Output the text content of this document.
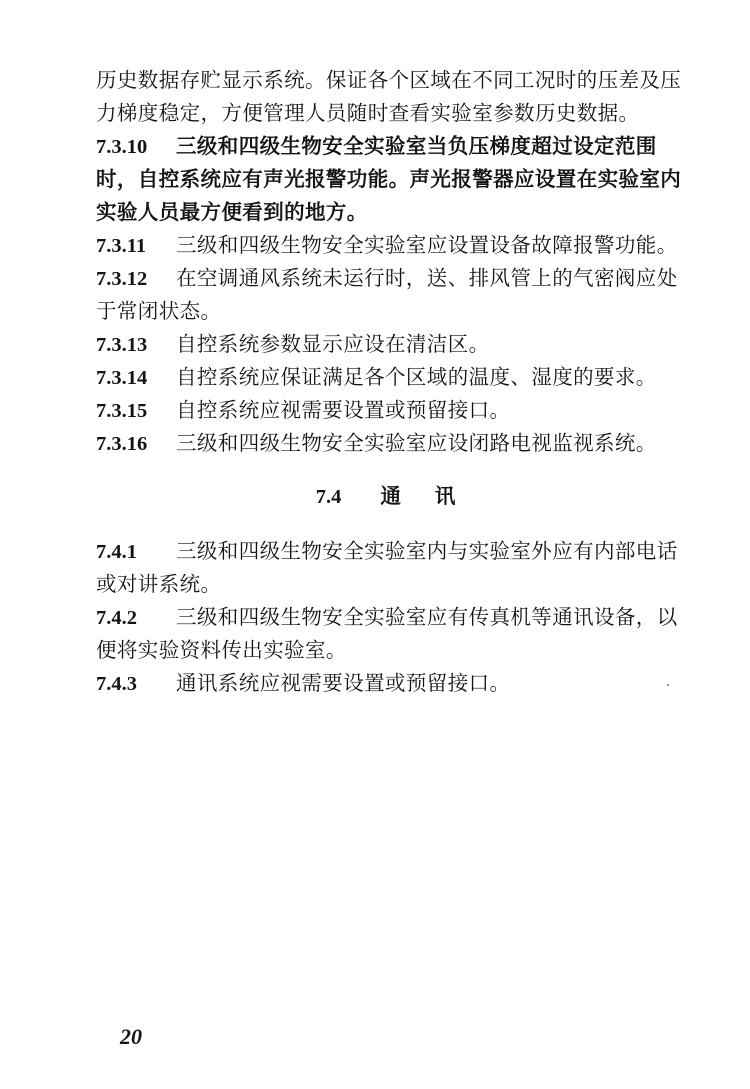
历史数据存贮显示系统。保证各个区域在不同工况时的压差及压
力梯度稳定，方便管理人员随时查看实验室参数历史数据。
7.3.10 三级和四级生物安全实验室当负压梯度超过设定范围
时，自控系统应有声光报警功能。声光报警器应设置在实验室内
实验人员最方便看到的地方。
7.3.11 三级和四级生物安全实验室应设置设备故障报警功能。
7.3.12 在空调通风系统未运行时，送、排风管上的气密阀应处
于常闭状态。
7.3.13 自控系统参数显示应设在清洁区。
7.3.14 自控系统应保证满足各个区域的温度、湿度的要求。
7.3.15 自控系统应视需要设置或预留接口。
7.3.16 三级和四级生物安全实验室应设闭路电视监视系统。
7.4 通 讯
7.4.1 三级和四级生物安全实验室内与实验室外应有内部电话
或对讲系统。
7.4.2 三级和四级生物安全实验室应有传真机等通讯设备，以
便将实验资料传出实验室。
7.4.3 通讯系统应视需要设置或预留接口。
20
